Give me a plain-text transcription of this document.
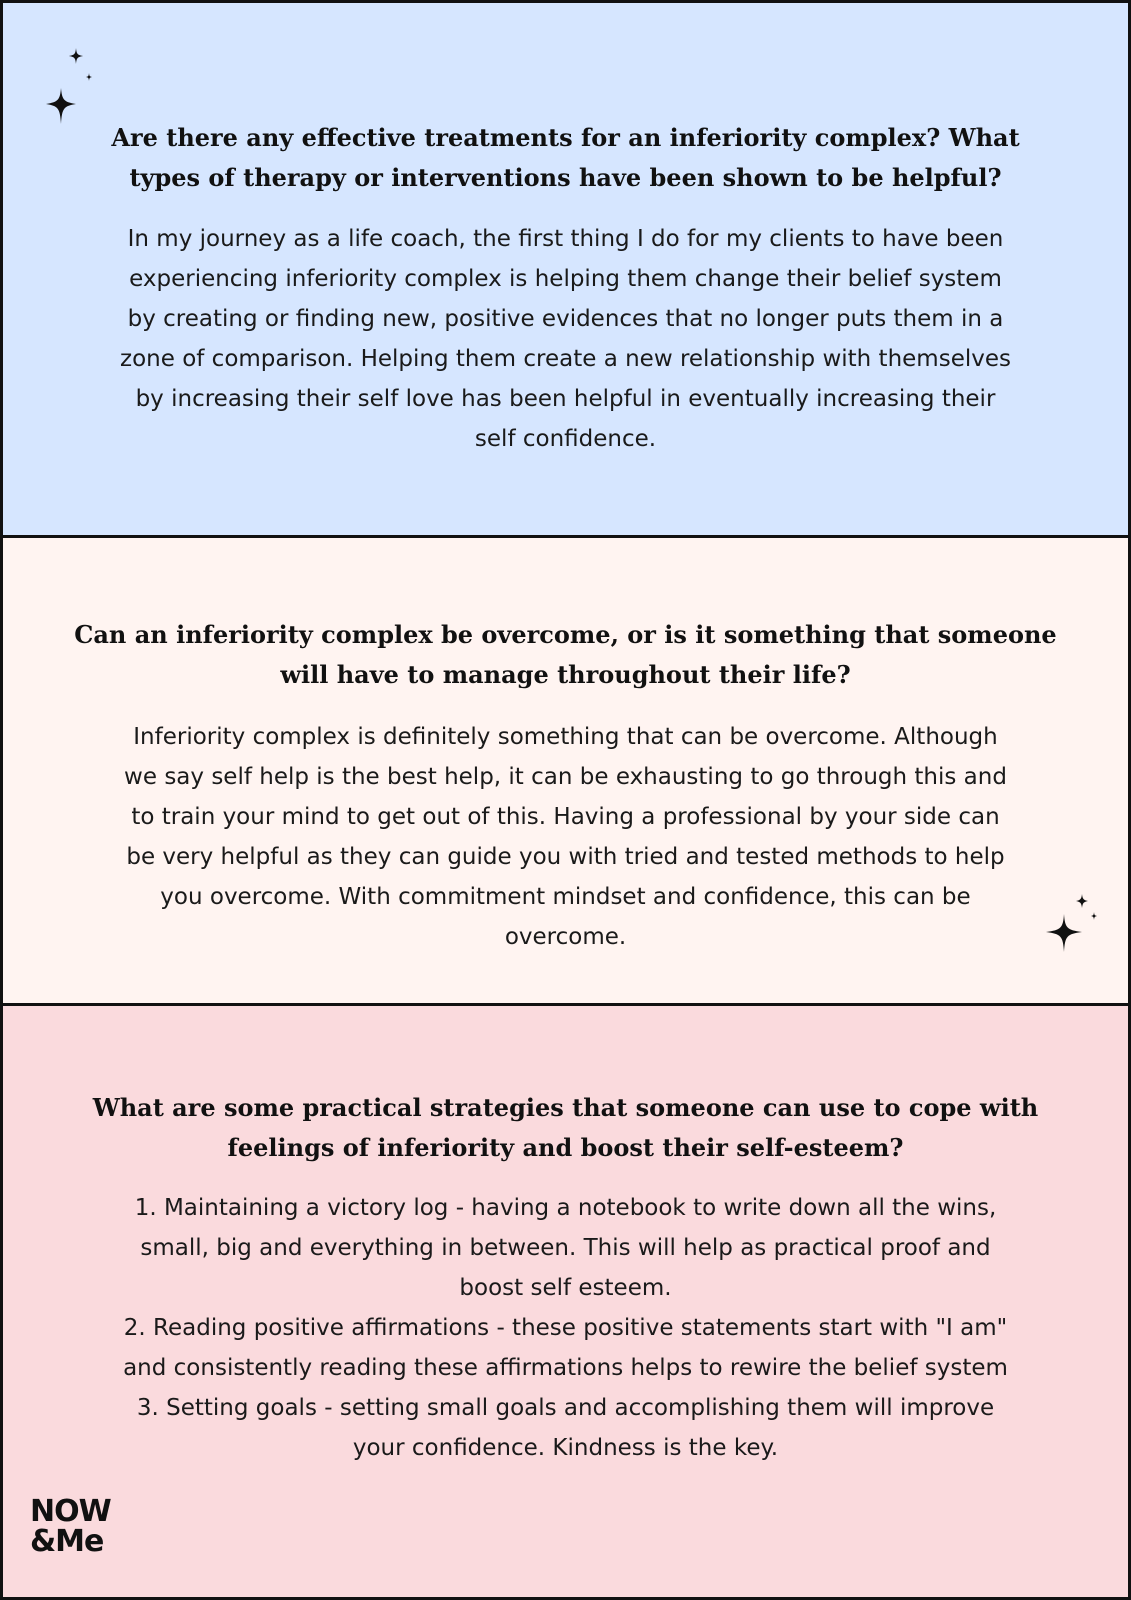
Are there any effective treatments for an inferiority complex? What
types of therapy or interventions have been shown to be helpful?

In my journey as a life coach, the first thing I do for my clients to have been
experiencing inferiority complex is helping them change their belief system
by creating or finding new, positive evidences that no longer puts them in a
zone of comparison. Helping them create a new relationship with themselves
by increasing their self love has been helpful in eventually increasing their
self confidence.

Can an inferiority complex be overcome, or is it something that someone
will have to manage throughout their life?

Inferiority complex is definitely something that can be overcome. Although
we say self help is the best help, it can be exhausting to go through this and
to train your mind to get out of this. Having a professional by your side can
be very helpful as they can guide you with tried and tested methods to help
you overcome. With commitment mindset and confidence, this can be
overcome.

What are some practical strategies that someone can use to cope with
feelings of inferiority and boost their self-esteem?

1. Maintaining a victory log - having a notebook to write down all the wins,
small, big and everything in between. This will help as practical proof and
boost self esteem.
2. Reading positive affirmations - these positive statements start with "I am"
and consistently reading these affirmations helps to rewire the belief system
3. Setting goals - setting small goals and accomplishing them will improve
your confidence. Kindness is the key.

NOW
&Me
